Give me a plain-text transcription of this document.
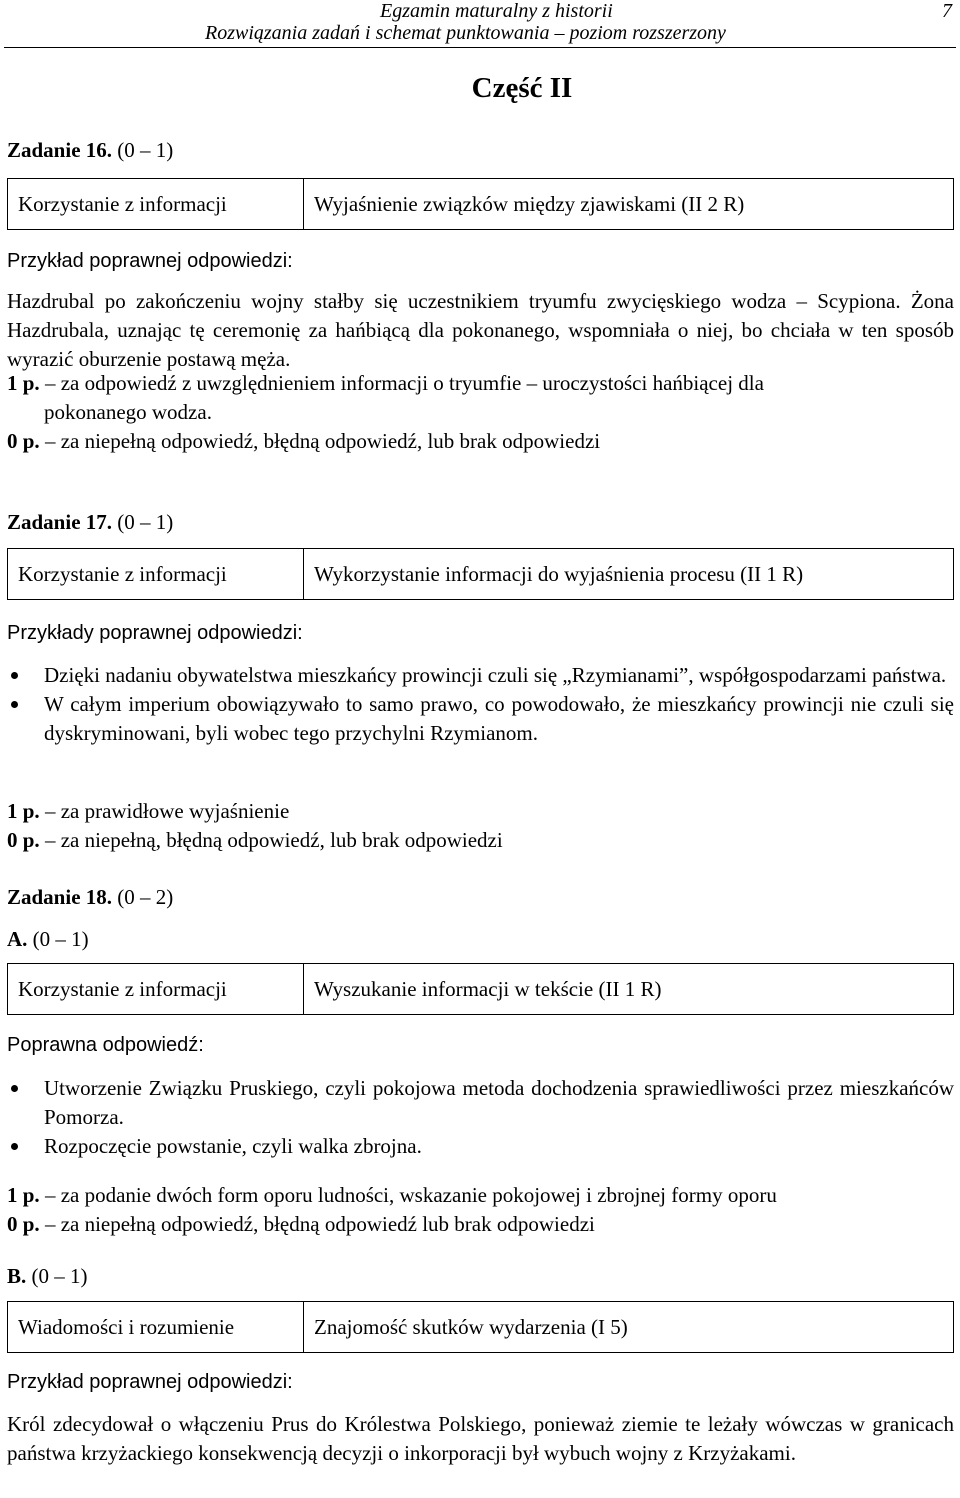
Egzamin maturalny z historii
Rozwiązania zadań i schemat punktowania – poziom rozszerzony
7
Część II
Zadanie 16. (0 – 1)
Korzystanie z informacji	Wyjaśnienie związków między zjawiskami (II 2 R)
Przykład poprawnej odpowiedzi:
Hazdrubal po zakończeniu wojny stałby się uczestnikiem tryumfu zwycięskiego wodza – Scypiona. Żona Hazdrubala, uznając tę ceremonię za hańbiącą dla pokonanego, wspomniała o niej, bo chciała w ten sposób wyrazić oburzenie postawą męża.
1 p. – za odpowiedź z uwzględnieniem informacji o tryumfie – uroczystości hańbiącej dla
pokonanego wodza.
0 p. – za niepełną odpowiedź, błędną odpowiedź, lub brak odpowiedzi
Zadanie 17. (0 – 1)
Korzystanie z informacji	Wykorzystanie informacji do wyjaśnienia procesu (II 1 R)
Przykłady poprawnej odpowiedzi:
Dzięki nadaniu obywatelstwa mieszkańcy prowincji czuli się „Rzymianami”, współgospodarzami państwa.
W całym imperium obowiązywało to samo prawo, co powodowało, że mieszkańcy prowincji nie czuli się dyskryminowani, byli wobec tego przychylni Rzymianom.
1 p. – za prawidłowe wyjaśnienie
0 p. – za niepełną, błędną odpowiedź, lub brak odpowiedzi
Zadanie 18. (0 – 2)
A. (0 – 1)
Korzystanie z informacji	Wyszukanie informacji w tekście (II 1 R)
Poprawna odpowiedź:
Utworzenie Związku Pruskiego, czyli pokojowa metoda dochodzenia sprawiedliwości przez mieszkańców Pomorza.
Rozpoczęcie powstanie, czyli walka zbrojna.
1 p. – za podanie dwóch form oporu ludności, wskazanie pokojowej i zbrojnej formy oporu
0 p. – za niepełną odpowiedź, błędną odpowiedź lub brak odpowiedzi
B. (0 – 1)
Wiadomości i rozumienie	Znajomość skutków wydarzenia (I 5)
Przykład poprawnej odpowiedzi:
Król zdecydował o włączeniu Prus do Królestwa Polskiego, ponieważ ziemie te leżały wówczas w granicach państwa krzyżackiego konsekwencją decyzji o inkorporacji był wybuch wojny z Krzyżakami.
